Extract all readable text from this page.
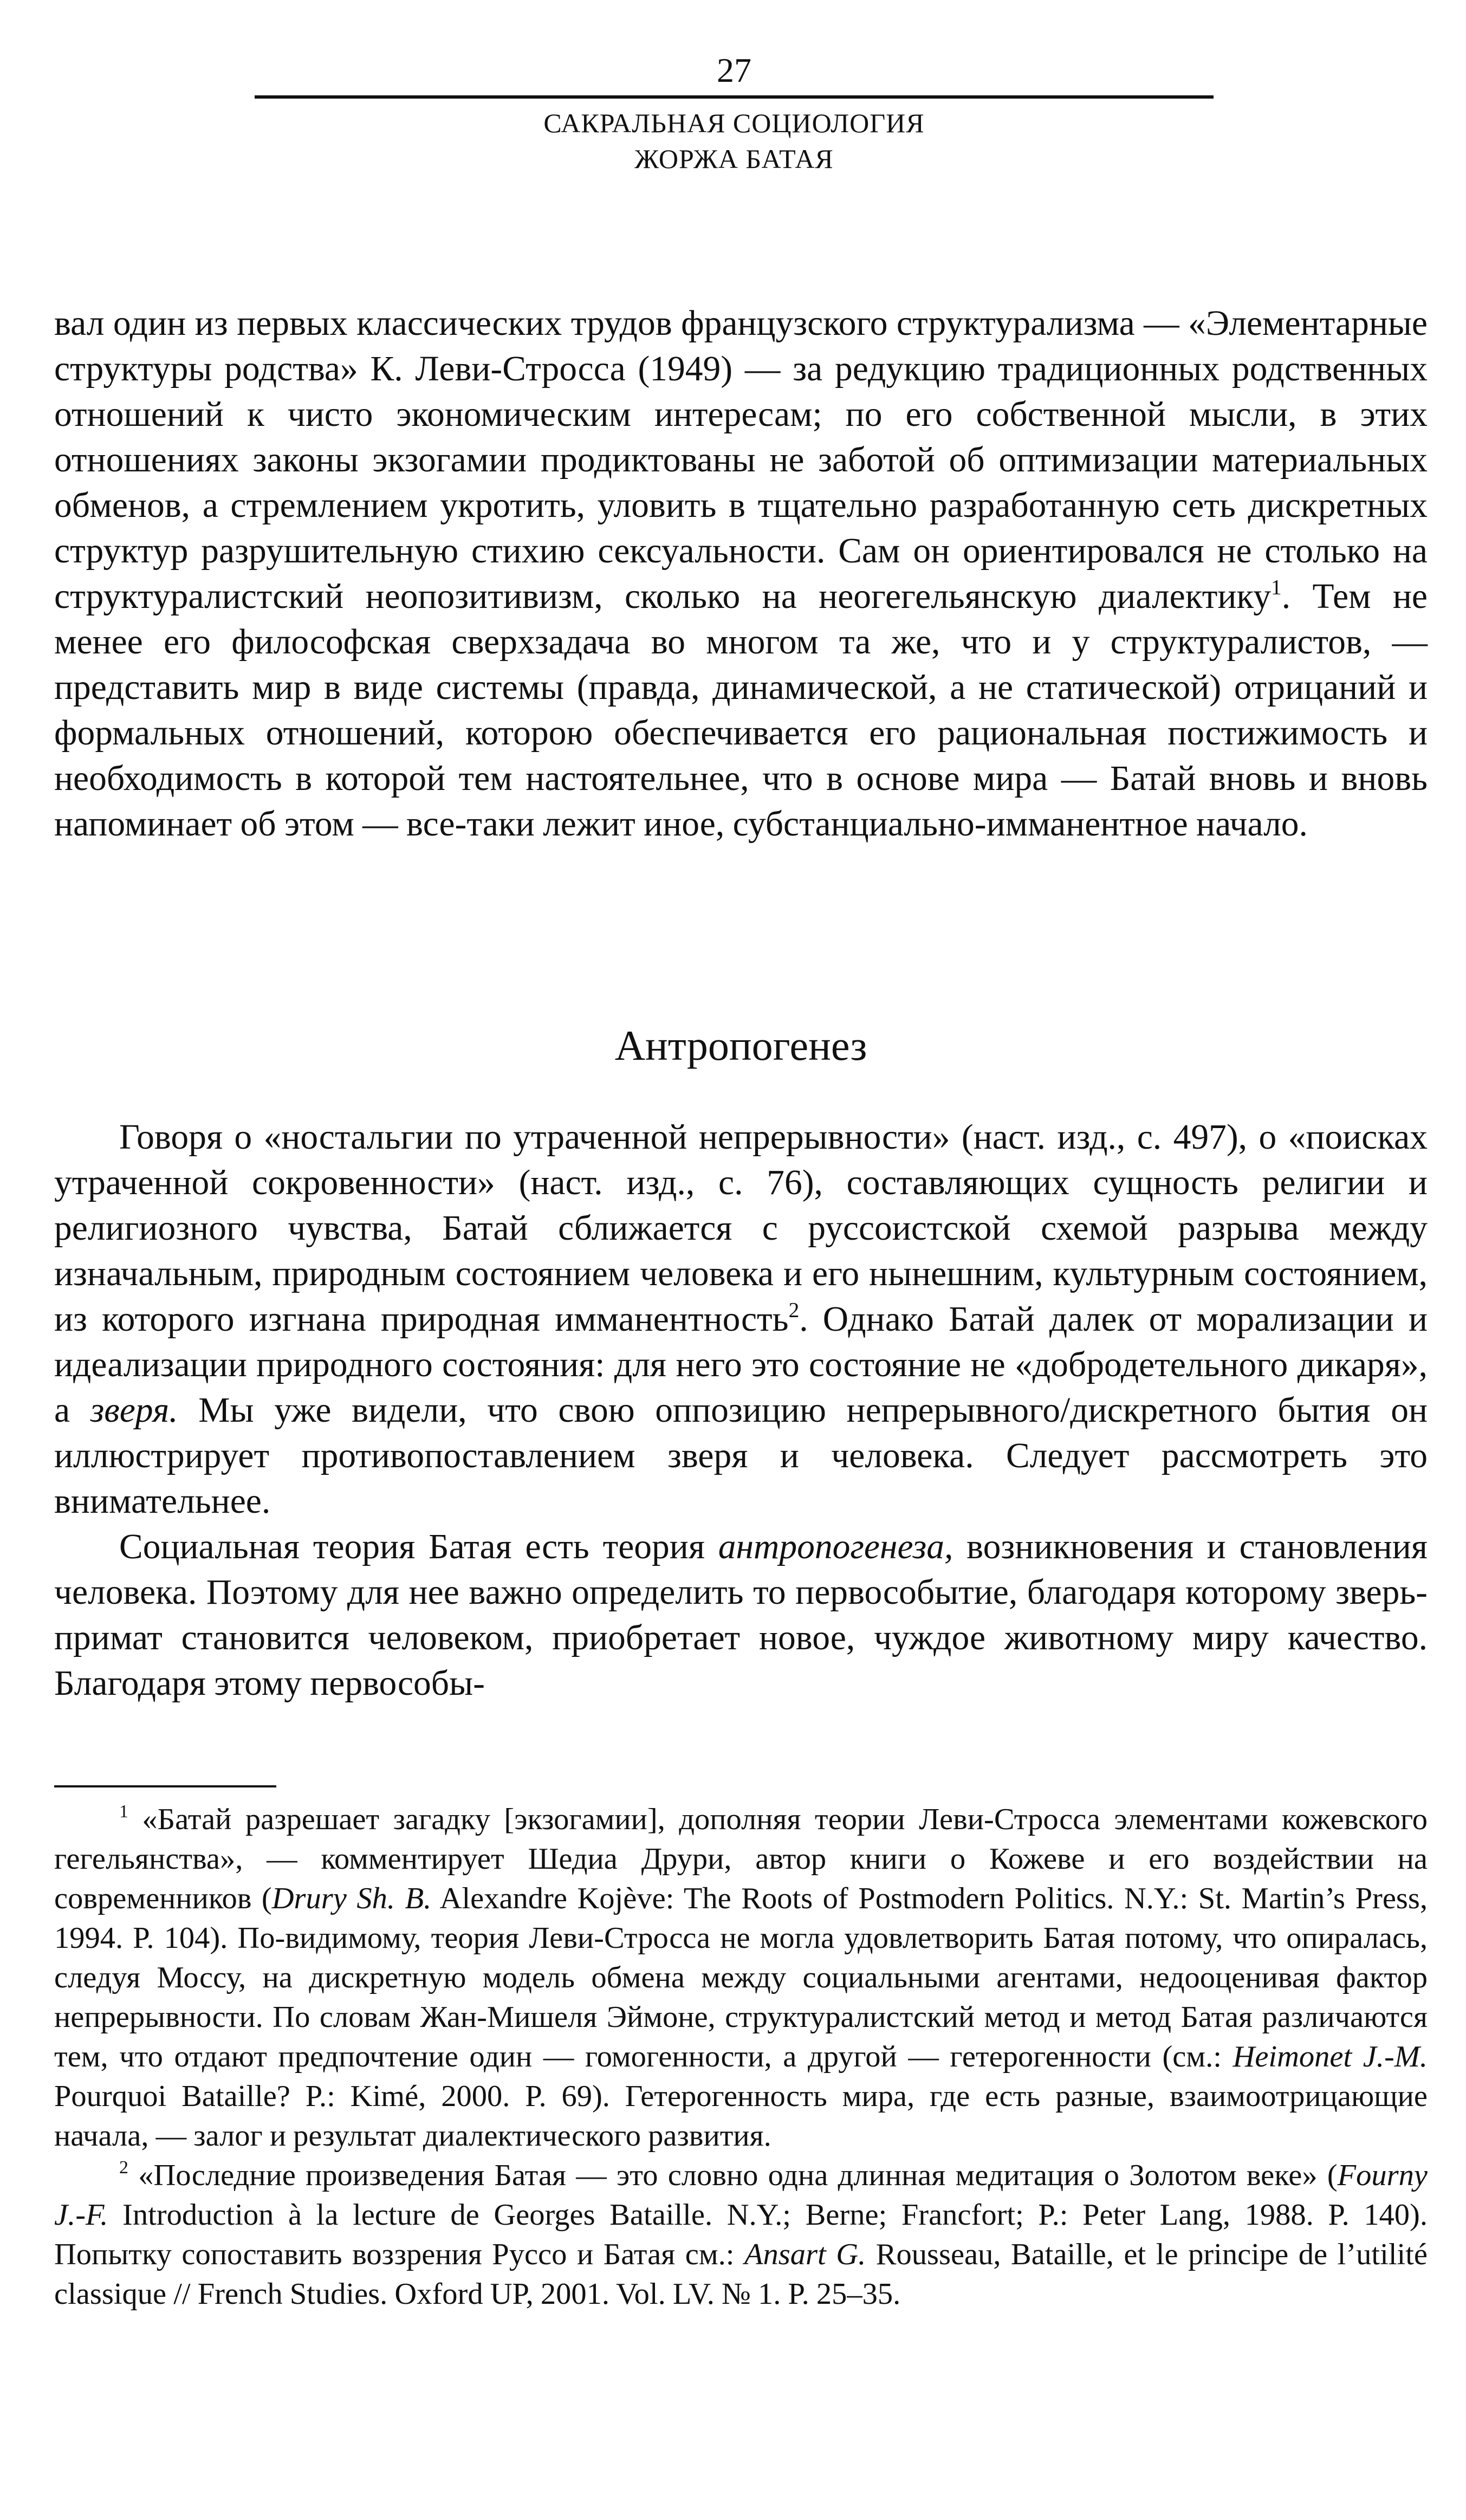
27
САКРАЛЬНАЯ СОЦИОЛОГИЯ
ЖОРЖА БАТАЯ

вал один из первых классических трудов французского структурализма — «Элементарные структуры родства» К. Леви-Стросса (1949) — за редукцию традиционных родственных отношений к чисто экономическим интересам; по его собственной мысли, в этих отношениях законы экзогамии продиктованы не заботой об оптимизации материальных обменов, а стремлением укротить, уловить в тщательно разработанную сеть дискретных структур разрушительную стихию сексуальности. Сам он ориентировался не столько на структуралистский неопозитивизм, сколько на неогегельянскую диалектику$^1$. Тем не менее его философская сверхзадача во многом та же, что и у структуралистов, — представить мир в виде системы (правда, динамической, а не статической) отрицаний и формальных отношений, которою обеспечивается его рациональная постижимость и необходимость в которой тем настоятельнее, что в основе мира — Батай вновь и вновь напоминает об этом — все-таки лежит иное, субстанциально-имманентное начало.

Антропогенез

Говоря о «ностальгии по утраченной непрерывности» (наст. изд., с. 497), о «поисках утраченной сокровенности» (наст. изд., с. 76), составляющих сущность религии и религиозного чувства, Батай сближается с руссоистской схемой разрыва между изначальным, природным состоянием человека и его нынешним, культурным состоянием, из которого изгнана природная имманентность$^2$. Однако Батай далек от морализации и идеализации природного состояния: для него это состояние не «добродетельного дикаря», а зверя. Мы уже видели, что свою оппозицию непрерывного/дискретного бытия он иллюстрирует противопоставлением зверя и человека. Следует рассмотреть это внимательнее.

Социальная теория Батая есть теория антропогенеза, возникновения и становления человека. Поэтому для нее важно определить то первособытие, благодаря которому зверь-примат становится человеком, приобретает новое, чуждое животному миру качество. Благодаря этому первособы-

$^1$ «Батай разрешает загадку [экзогамии], дополняя теории Леви-Стросса элементами кожевского гегельянства», — комментирует Шедиа Друри, автор книги о Кожеве и его воздействии на современников (Drury Sh. B. Alexandre Kojève: The Roots of Postmodern Politics. N.Y.: St. Martin’s Press, 1994. P. 104). По-видимому, теория Леви-Стросса не могла удовлетворить Батая потому, что опиралась, следуя Моссу, на дискретную модель обмена между социальными агентами, недооценивая фактор непрерывности. По словам Жан-Мишеля Эймоне, структуралистский метод и метод Батая различаются тем, что отдают предпочтение один — гомогенности, а другой — гетерогенности (см.: Heimonet J.-M. Pourquoi Bataille? P.: Kimé, 2000. P. 69). Гетерогенность мира, где есть разные, взаимоотрицающие начала, — залог и результат диалектического развития.

$^2$ «Последние произведения Батая — это словно одна длинная медитация о Золотом веке» (Fourny J.-F. Introduction à la lecture de Georges Bataille. N.Y.; Berne; Francfort; P.: Peter Lang, 1988. P. 140). Попытку сопоставить воззрения Руссо и Батая см.: Ansart G. Rousseau, Bataille, et le principe de l’utilité classique // French Studies. Oxford UP, 2001. Vol. LV. № 1. P. 25–35.
